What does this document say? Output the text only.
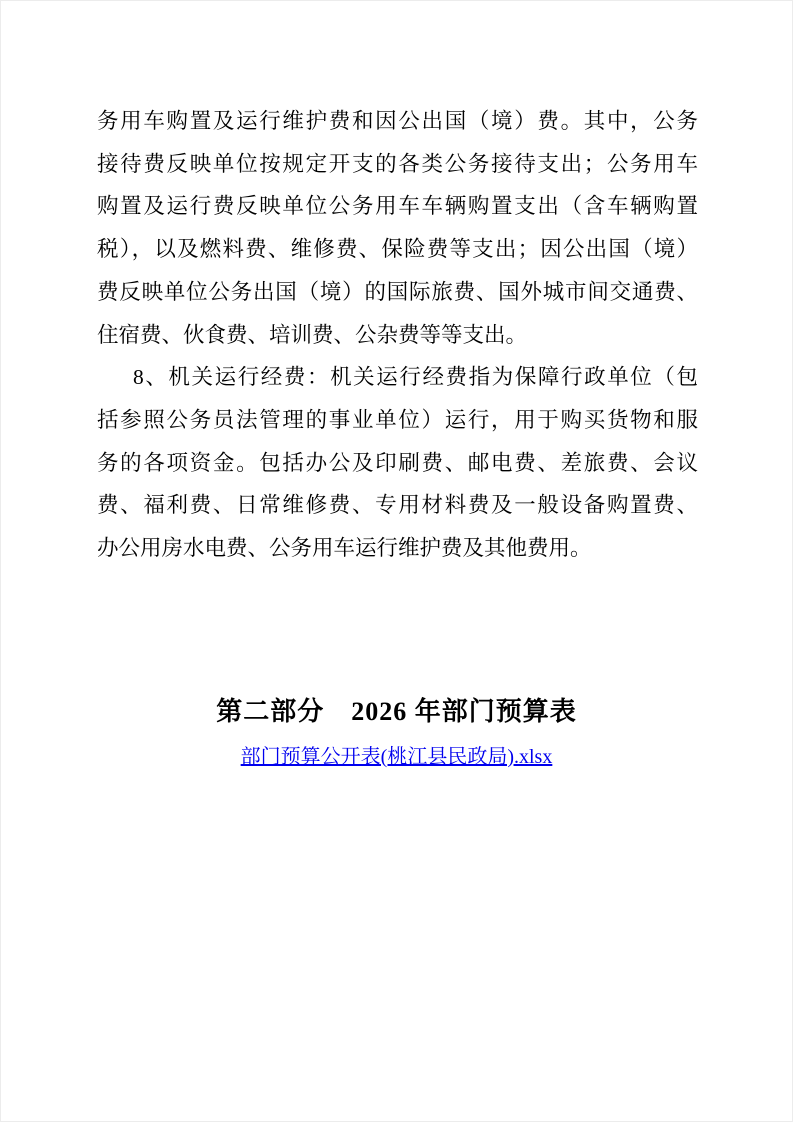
务用车购置及运行维护费和因公出国（境）费。其中，公务
接待费反映单位按规定开支的各类公务接待支出；公务用车
购置及运行费反映单位公务用车车辆购置支出（含车辆购置
税），以及燃料费、维修费、保险费等支出；因公出国（境）
费反映单位公务出国（境）的国际旅费、国外城市间交通费、
住宿费、伙食费、培训费、公杂费等等支出。
8、机关运行经费：机关运行经费指为保障行政单位（包
括参照公务员法管理的事业单位）运行，用于购买货物和服
务的各项资金。包括办公及印刷费、邮电费、差旅费、会议
费、福利费、日常维修费、专用材料费及一般设备购置费、
办公用房水电费、公务用车运行维护费及其他费用。
第二部分　2026 年部门预算表
部门预算公开表(桃江县民政局).xlsx
